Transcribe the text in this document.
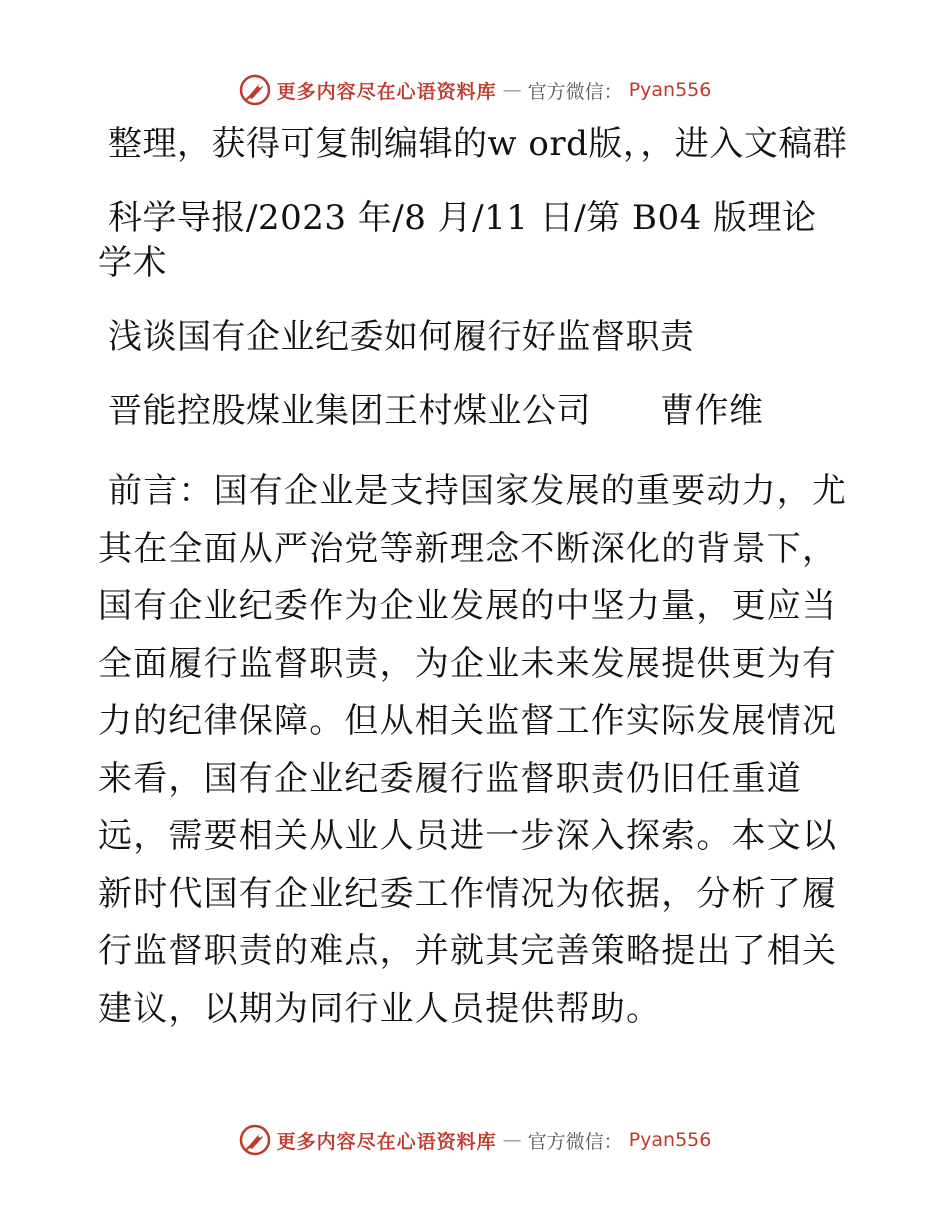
更多内容尽在心语资料库 — 官方微信： Pyan556

整理，获得可复制编辑的w ord版，，进入文稿群

科学导报/2023 年/8 月/11 日/第 B04 版理论学术

浅谈国有企业纪委如何履行好监督职责

晋能控股煤业集团王村煤业公司　　曹作维

前言：国有企业是支持国家发展的重要动力，尤其在全面从严治党等新理念不断深化的背景下，国有企业纪委作为企业发展的中坚力量，更应当全面履行监督职责，为企业未来发展提供更为有力的纪律保障。但从相关监督工作实际发展情况来看，国有企业纪委履行监督职责仍旧任重道远，需要相关从业人员进一步深入探索。本文以新时代国有企业纪委工作情况为依据，分析了履行监督职责的难点，并就其完善策略提出了相关建议，以期为同行业人员提供帮助。

更多内容尽在心语资料库 — 官方微信： Pyan556
